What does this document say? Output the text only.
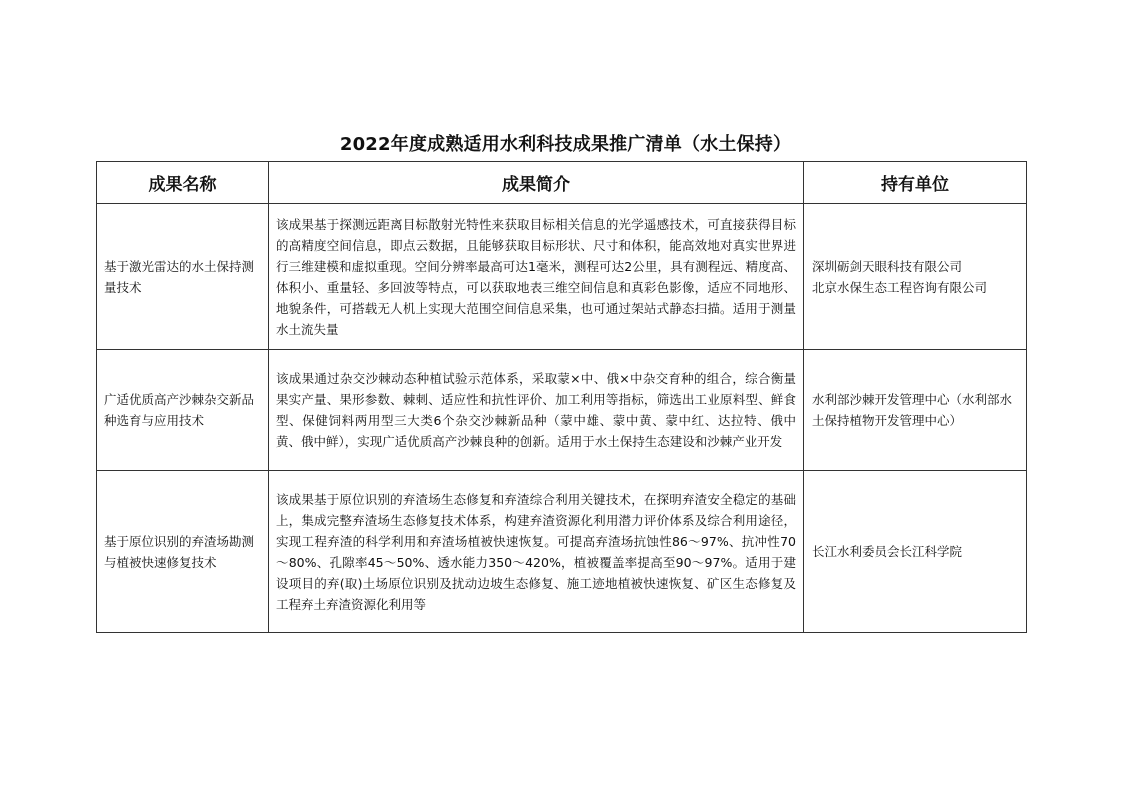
2022年度成熟适用水利科技成果推广清单（水土保持）
成果名称	成果简介	持有单位
基于激光雷达的水土保持测量技术	该成果基于探测远距离目标散射光特性来获取目标相关信息的光学遥感技术，可直接获得目标的高精度空间信息，即点云数据，且能够获取目标形状、尺寸和体积，能高效地对真实世界进行三维建模和虚拟重现。空间分辨率最高可达1毫米，测程可达2公里，具有测程远、精度高、体积小、重量轻、多回波等特点，可以获取地表三维空间信息和真彩色影像，适应不同地形、地貌条件，可搭载无人机上实现大范围空间信息采集，也可通过架站式静态扫描。适用于测量水土流失量	深圳砺剑天眼科技有限公司
北京水保生态工程咨询有限公司

广适优质高产沙棘杂交新品种选育与应用技术	该成果通过杂交沙棘动态种植试验示范体系，采取蒙×中、俄×中杂交育种的组合，综合衡量果实产量、果形参数、棘刺、适应性和抗性评价、加工利用等指标，筛选出工业原料型、鲜食型、保健饲料两用型三大类6个杂交沙棘新品种（蒙中雄、蒙中黄、蒙中红、达拉特、俄中黄、俄中鲜），实现广适优质高产沙棘良种的创新。适用于水土保持生态建设和沙棘产业开发	水利部沙棘开发管理中心（水利部水土保持植物开发管理中心）

基于原位识别的弃渣场勘测与植被快速修复技术	该成果基于原位识别的弃渣场生态修复和弃渣综合利用关键技术，在探明弃渣安全稳定的基础上，集成完整弃渣场生态修复技术体系，构建弃渣资源化利用潜力评价体系及综合利用途径，实现工程弃渣的科学利用和弃渣场植被快速恢复。可提高弃渣场抗蚀性86～97%、抗冲性70～80%、孔隙率45～50%、透水能力350～420%，植被覆盖率提高至90～97%。适用于建设项目的弃(取)土场原位识别及扰动边坡生态修复、施工迹地植被快速恢复、矿区生态修复及工程弃土弃渣资源化利用等	长江水利委员会长江科学院
